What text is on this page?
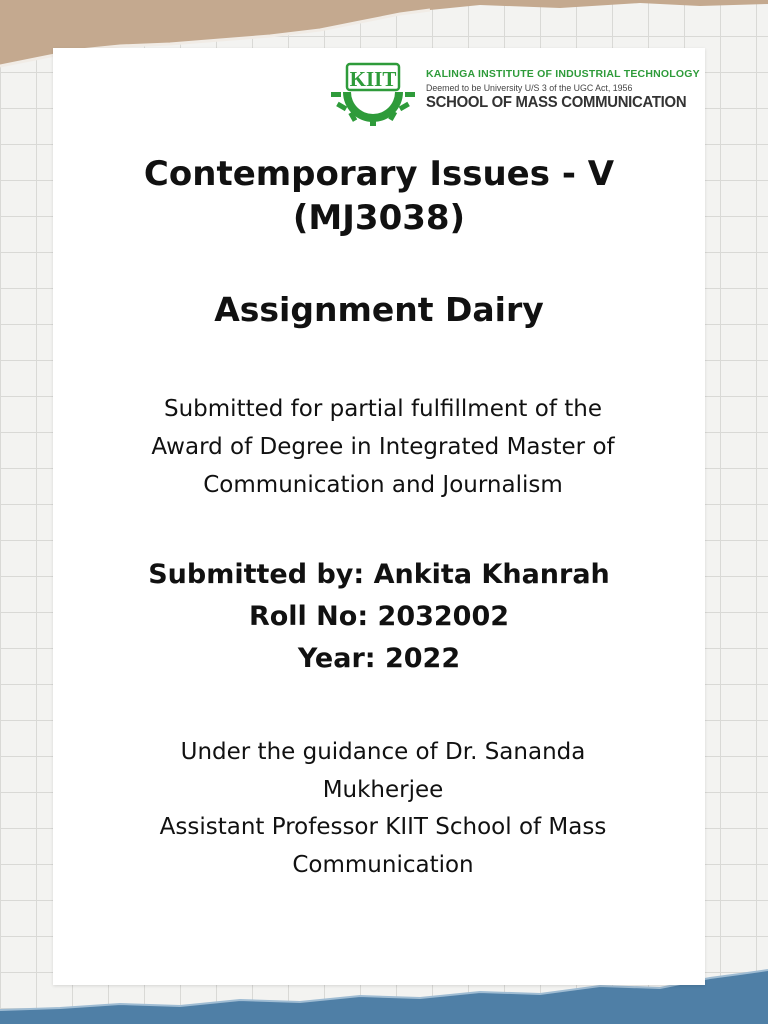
KIIT	KALINGA INSTITUTE OF INDUSTRIAL TECHNOLOGY
Deemed to be University U/S 3 of the UGC Act, 1956
SCHOOL OF MASS COMMUNICATION
Contemporary Issues - V
(MJ3038)
Assignment Dairy
Submitted for partial fulfillment of the
Award of Degree in Integrated Master of
Communication and Journalism
Submitted by: Ankita Khanrah
Roll No: 2032002
Year: 2022
Under the guidance of Dr. Sananda
Mukherjee
Assistant Professor KIIT School of Mass
Communication
